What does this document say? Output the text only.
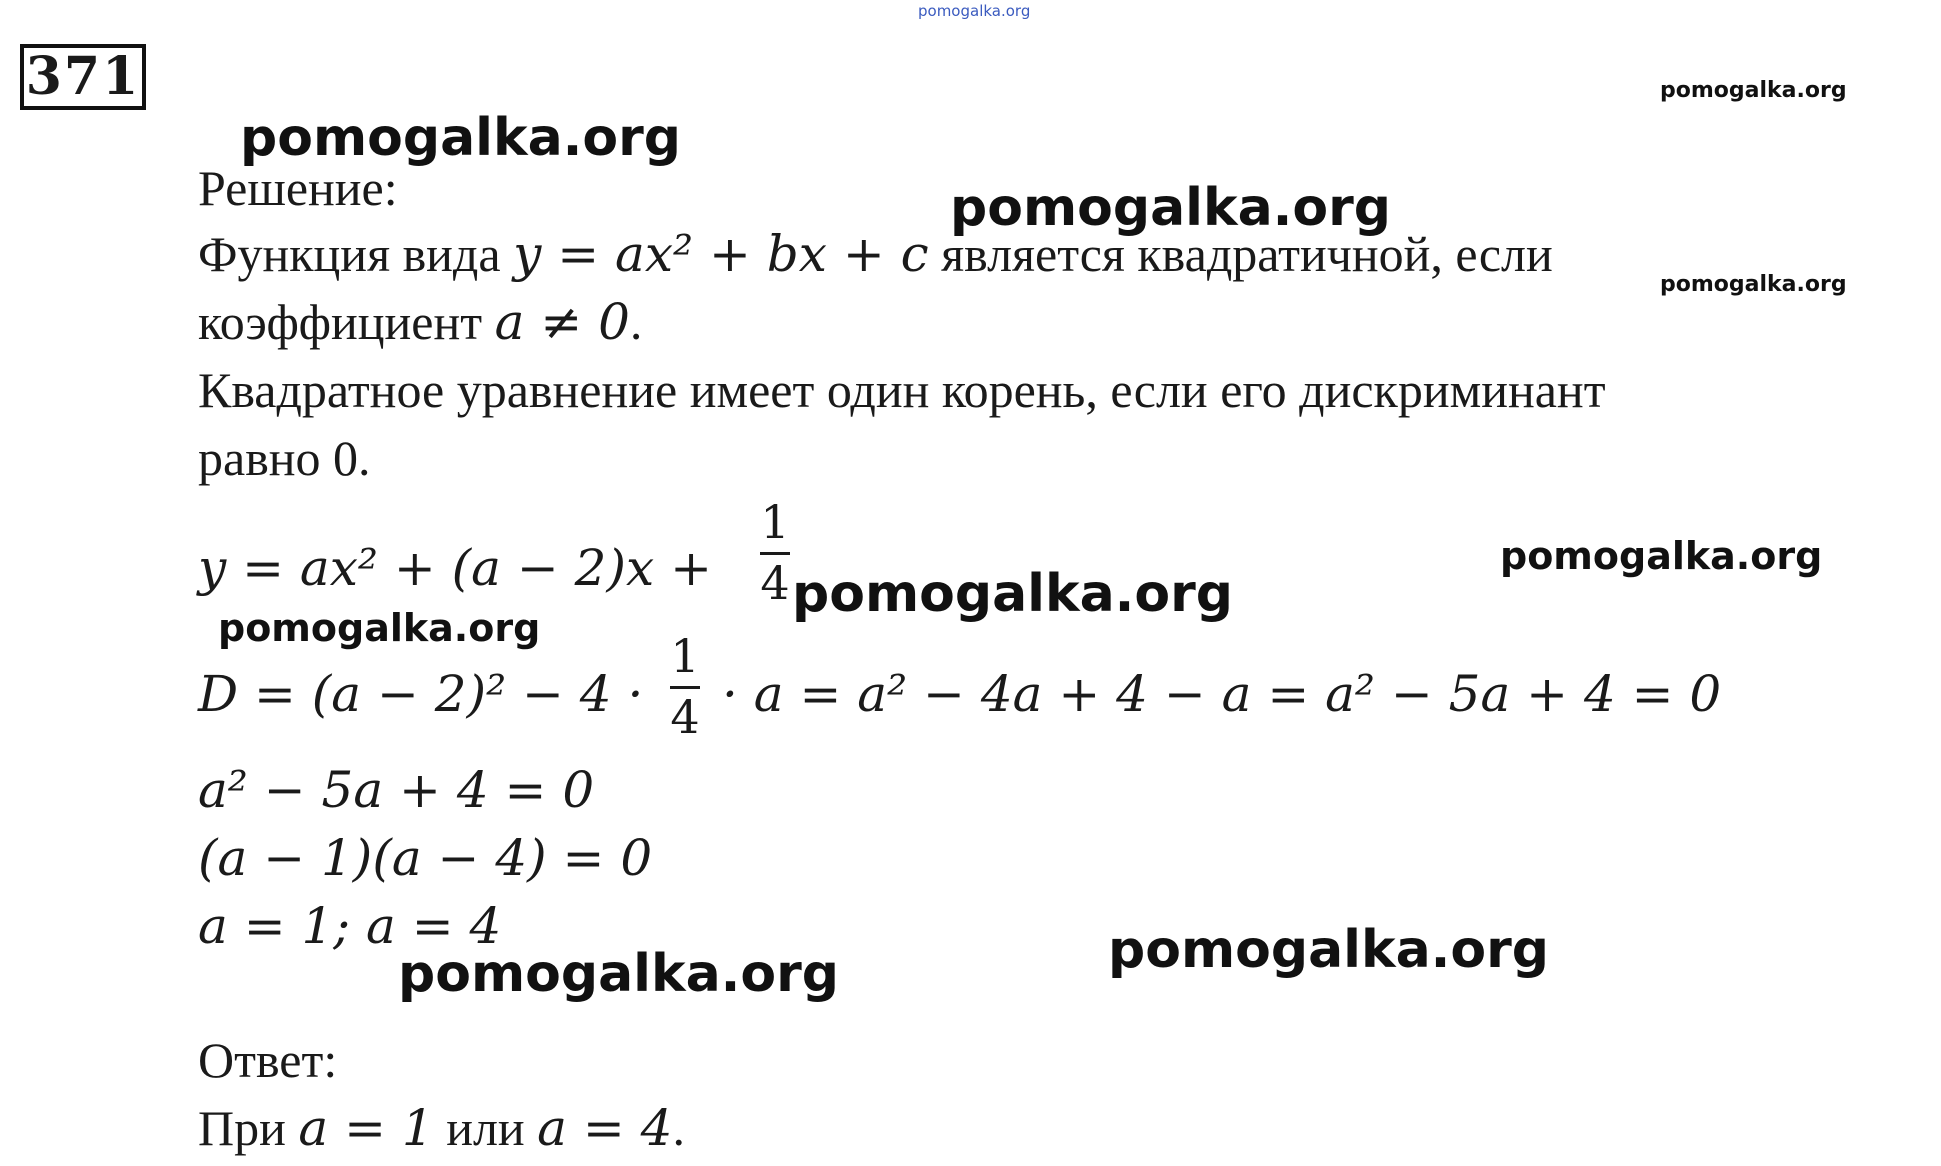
pomogalka.org
371	pomogalka.org
pomogalka.org
pomogalka.org
pomogalka.org
Решение:
Функция вида y = ax² + bx + c является квадратичной, если
коэффициент a ≠ 0.
Квадратное уравнение имеет один корень, если его дискриминант
равно 0.
y = ax² + (a − 2)x +
1
4	pomogalka.org
pomogalka.org
pomogalka.org
D = (a − 2)² − 4 ·
1
4 · a = a² − 4a + 4 − a = a² − 5a + 4 = 0
a² − 5a + 4 = 0
(a − 1)(a − 4) = 0
a = 1; a = 4
pomogalka.org	pomogalka.org
Ответ:
При a = 1 или a = 4.
